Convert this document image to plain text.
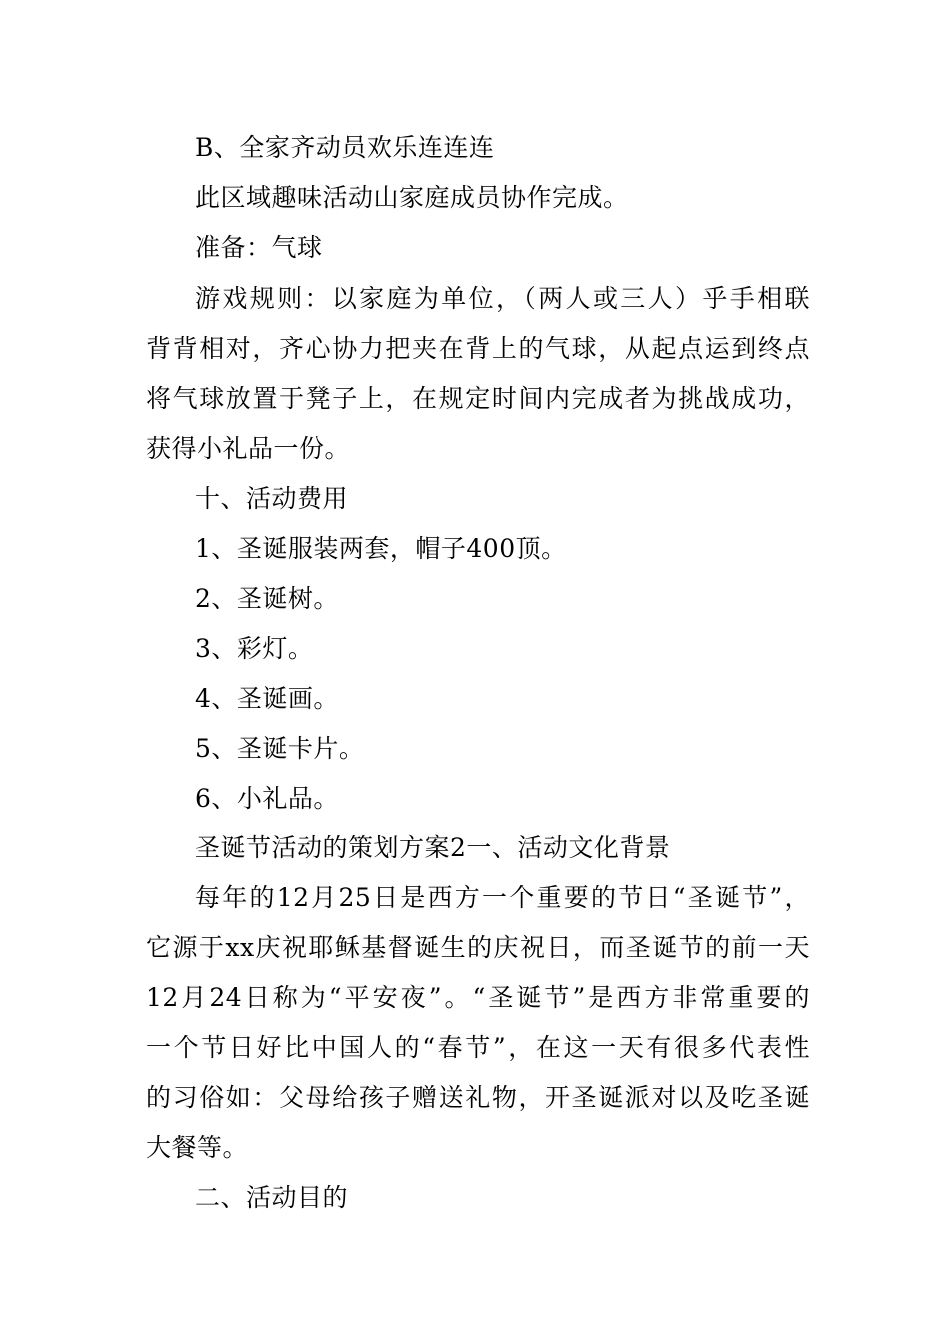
B、全家齐动员欢乐连连连
此区域趣味活动山家庭成员协作完成。
准备：气球
游戏规则：以家庭为单位，（两人或三人）乎手相联
背背相对，齐心协力把夹在背上的气球，从起点运到终点
将气球放置于凳子上，在规定时间内完成者为挑战成功，
获得小礼品一份。
十、活动费用
1、圣诞服装两套，帽子400顶。
2、圣诞树。
3、彩灯。
4、圣诞画。
5、圣诞卡片。
6、小礼品。
圣诞节活动的策划方案2一、活动文化背景
每年的12月25日是西方一个重要的节日“圣诞节”，
它源于xx庆祝耶稣基督诞生的庆祝日，而圣诞节的前一天
12月24日称为“平安夜”。“圣诞节”是西方非常重要的
一个节日好比中国人的“春节”，在这一天有很多代表性
的习俗如：父母给孩子赠送礼物，开圣诞派对以及吃圣诞
大餐等。
二、活动目的
